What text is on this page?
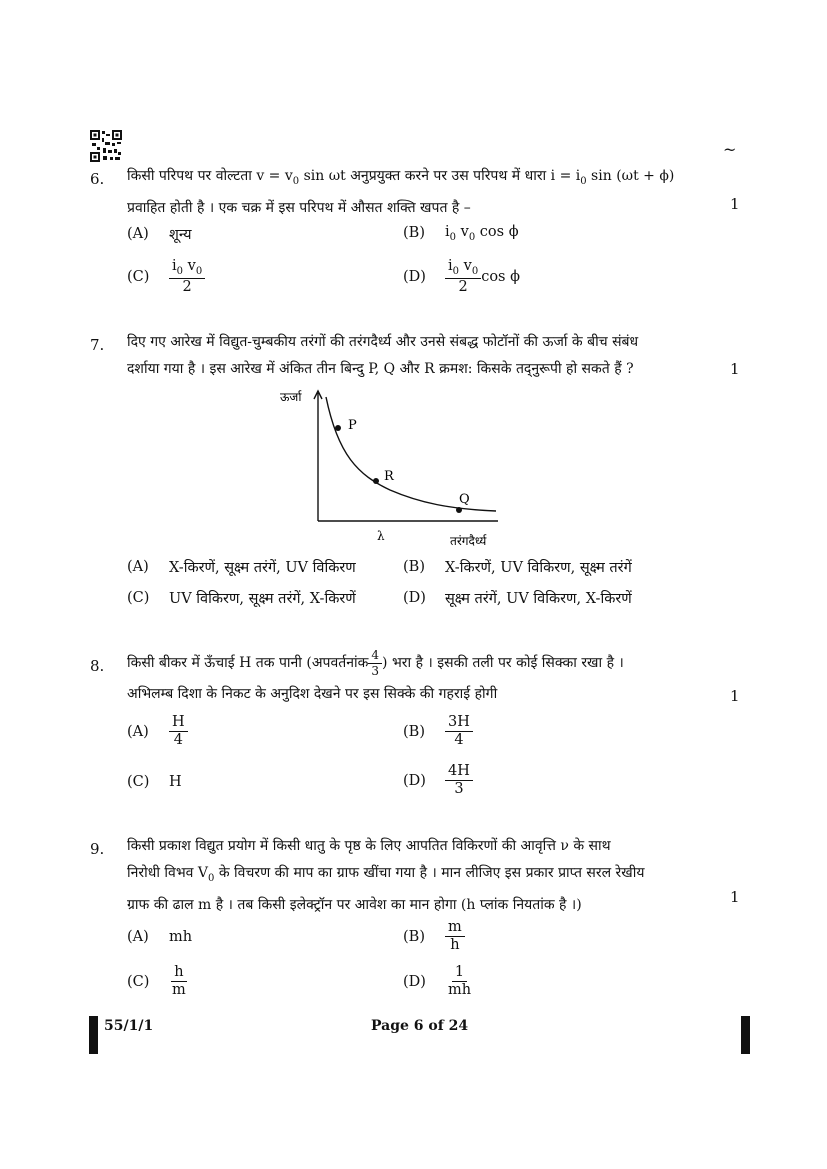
~
6. किसी परिपथ पर वोल्टता $v = v_0$ sin ωt अनुप्रयुक्त करने पर उस परिपथ में धारा $i = i_0$ sin (ωt + ϕ)
प्रवाहित होती है । एक चक्र में इस परिपथ में औसत शक्ति खपत है –	1
(A)	शून्य	(B)	$i_0$ $v_0$ cos ϕ
(C)	$\frac{i_0 v_0}{2}$	(D)	$\frac{i_0 v_0}{2}$ cos ϕ
7. दिए गए आरेख में विद्युत-चुम्बकीय तरंगों की तरंगदैर्ध्य और उनसे संबद्ध फोटॉनों की ऊर्जा के बीच संबंध
दर्शाया गया है । इस आरेख में अंकित तीन बिन्दु P, Q और R क्रमश: किसके तद्नुरूपी हो सकते हैं ?	1
P
R
Q
ऊर्जा
λ	तरंगदैर्ध्य
(A)	X-किरणें, सूक्ष्म तरंगें, UV विकिरण	(B)	X-किरणें, UV विकिरण, सूक्ष्म तरंगें
(C)	UV विकिरण, सूक्ष्म तरंगें, X-किरणें	(D)	सूक्ष्म तरंगें, UV विकिरण, X-किरणें
8. किसी बीकर में ऊँचाई H तक पानी (अपवर्तनांक $\frac{4}{3}$ ) भरा है । इसकी तली पर कोई सिक्का रखा है ।
अभिलम्ब दिशा के निकट के अनुदिश देखने पर इस सिक्के की गहराई होगी	1
(A)	$\frac{H}{4}$	(B)	$\frac{3H}{4}$
(C)	H	(D)	$\frac{4H}{3}$
9. किसी प्रकाश विद्युत प्रयोग में किसी धातु के पृष्ठ के लिए आपतित विकिरणों की आवृत्ति ν के साथ
निरोधी विभव $V_0$ के विचरण की माप का ग्राफ खींचा गया है । मान लीजिए इस प्रकार प्राप्त सरल रेखीय
ग्राफ की ढाल m है । तब किसी इलेक्ट्रॉन पर आवेश का मान होगा (h प्लांक नियतांक है ।)	1
(A)	mh	(B)	$\frac{m}{h}$
(C)	$\frac{h}{m}$	(D)	$\frac{1}{mh}$
55/1/1	Page 6 of 24
